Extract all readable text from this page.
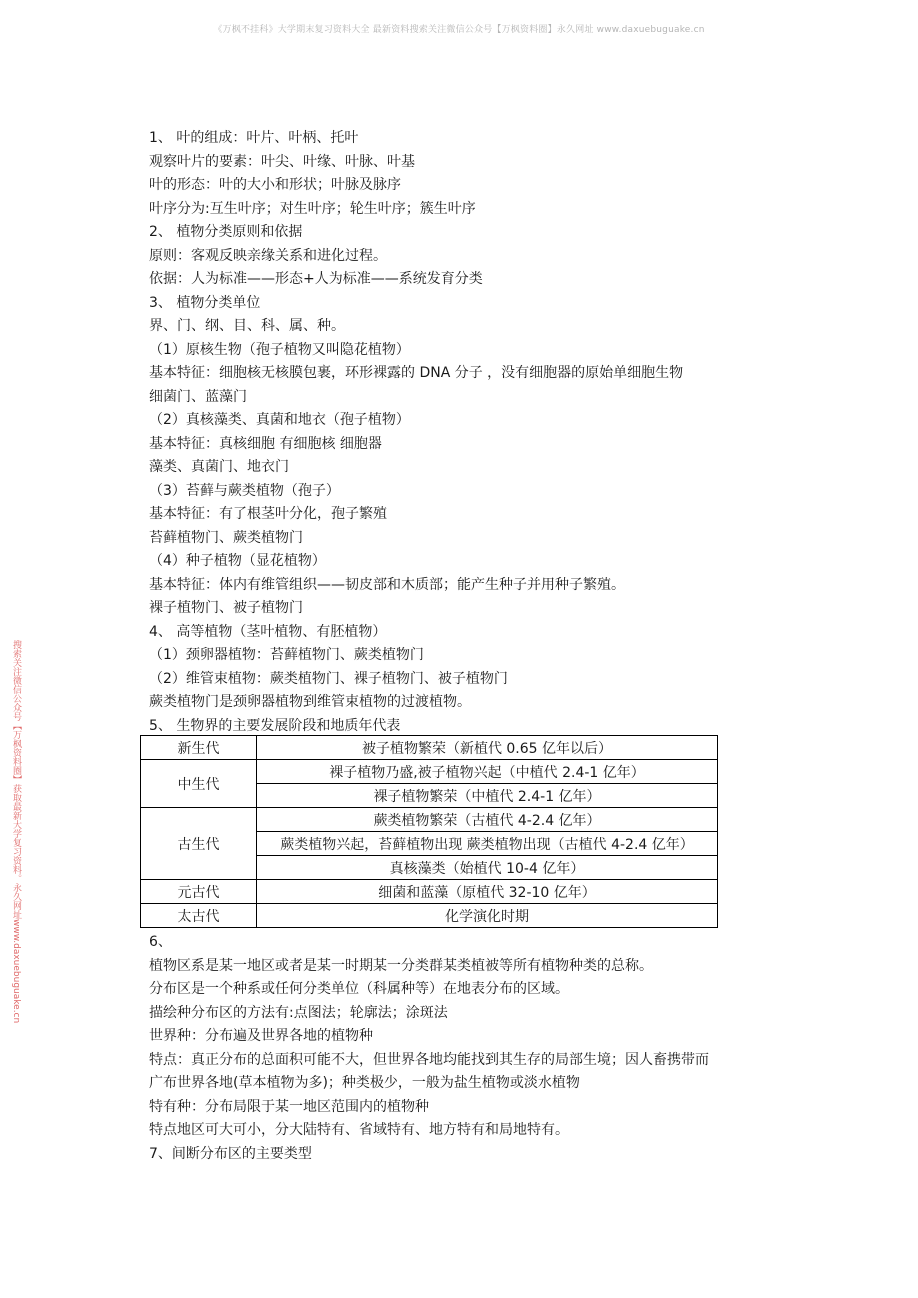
《万枫不挂科》大学期末复习资料大全 最新资料搜索关注微信公众号【万枫资料圈】永久网址 www.daxuebuguake.cn
搜索关注微信公众号【万枫资料圈】获取最新大学复习资料。永久网址www.daxuebuguake.cn
1、 叶的组成：叶片、叶柄、托叶
观察叶片的要素：叶尖、叶缘、叶脉、叶基
叶的形态：叶的大小和形状；叶脉及脉序
叶序分为:互生叶序；对生叶序；轮生叶序；簇生叶序
2、 植物分类原则和依据
原则：客观反映亲缘关系和进化过程。
依据：人为标准——形态+人为标准——系统发育分类
3、 植物分类单位
界、门、纲、目、科、属、种。
（1）原核生物（孢子植物又叫隐花植物）
基本特征：细胞核无核膜包裹，环形裸露的 DNA 分子 ，没有细胞器的原始单细胞生物
细菌门、蓝藻门
（2）真核藻类、真菌和地衣（孢子植物）
基本特征：真核细胞 有细胞核 细胞器
藻类、真菌门、地衣门
（3）苔藓与蕨类植物（孢子）
基本特征：有了根茎叶分化，孢子繁殖
苔藓植物门、蕨类植物门
（4）种子植物（显花植物）
基本特征：体内有维管组织——韧皮部和木质部；能产生种子并用种子繁殖。
裸子植物门、被子植物门
4、 高等植物（茎叶植物、有胚植物）
（1）颈卵器植物：苔藓植物门、蕨类植物门
（2）维管束植物：蕨类植物门、裸子植物门、被子植物门
蕨类植物门是颈卵器植物到维管束植物的过渡植物。
5、 生物界的主要发展阶段和地质年代表
新生代	被子植物繁荣（新植代 0.65 亿年以后）
中生代	裸子植物乃盛,被子植物兴起（中植代 2.4-1 亿年）
	裸子植物繁荣（中植代 2.4-1 亿年）
古生代	蕨类植物繁荣（古植代 4-2.4 亿年）
	蕨类植物兴起，苔藓植物出现 蕨类植物出现（古植代 4-2.4 亿年）
	真核藻类（始植代 10-4 亿年）
元古代	细菌和蓝藻（原植代 32-10 亿年）
太古代	化学演化时期
6、
植物区系是某一地区或者是某一时期某一分类群某类植被等所有植物种类的总称。
分布区是一个种系或任何分类单位（科属种等）在地表分布的区域。
描绘种分布区的方法有:点图法；轮廓法；涂斑法
世界种：分布遍及世界各地的植物种
特点：真正分布的总面积可能不大，但世界各地均能找到其生存的局部生境；因人畜携带而
广布世界各地(草本植物为多)；种类极少，一般为盐生植物或淡水植物
特有种：分布局限于某一地区范围内的植物种
特点地区可大可小，分大陆特有、省域特有、地方特有和局地特有。
7、间断分布区的主要类型
